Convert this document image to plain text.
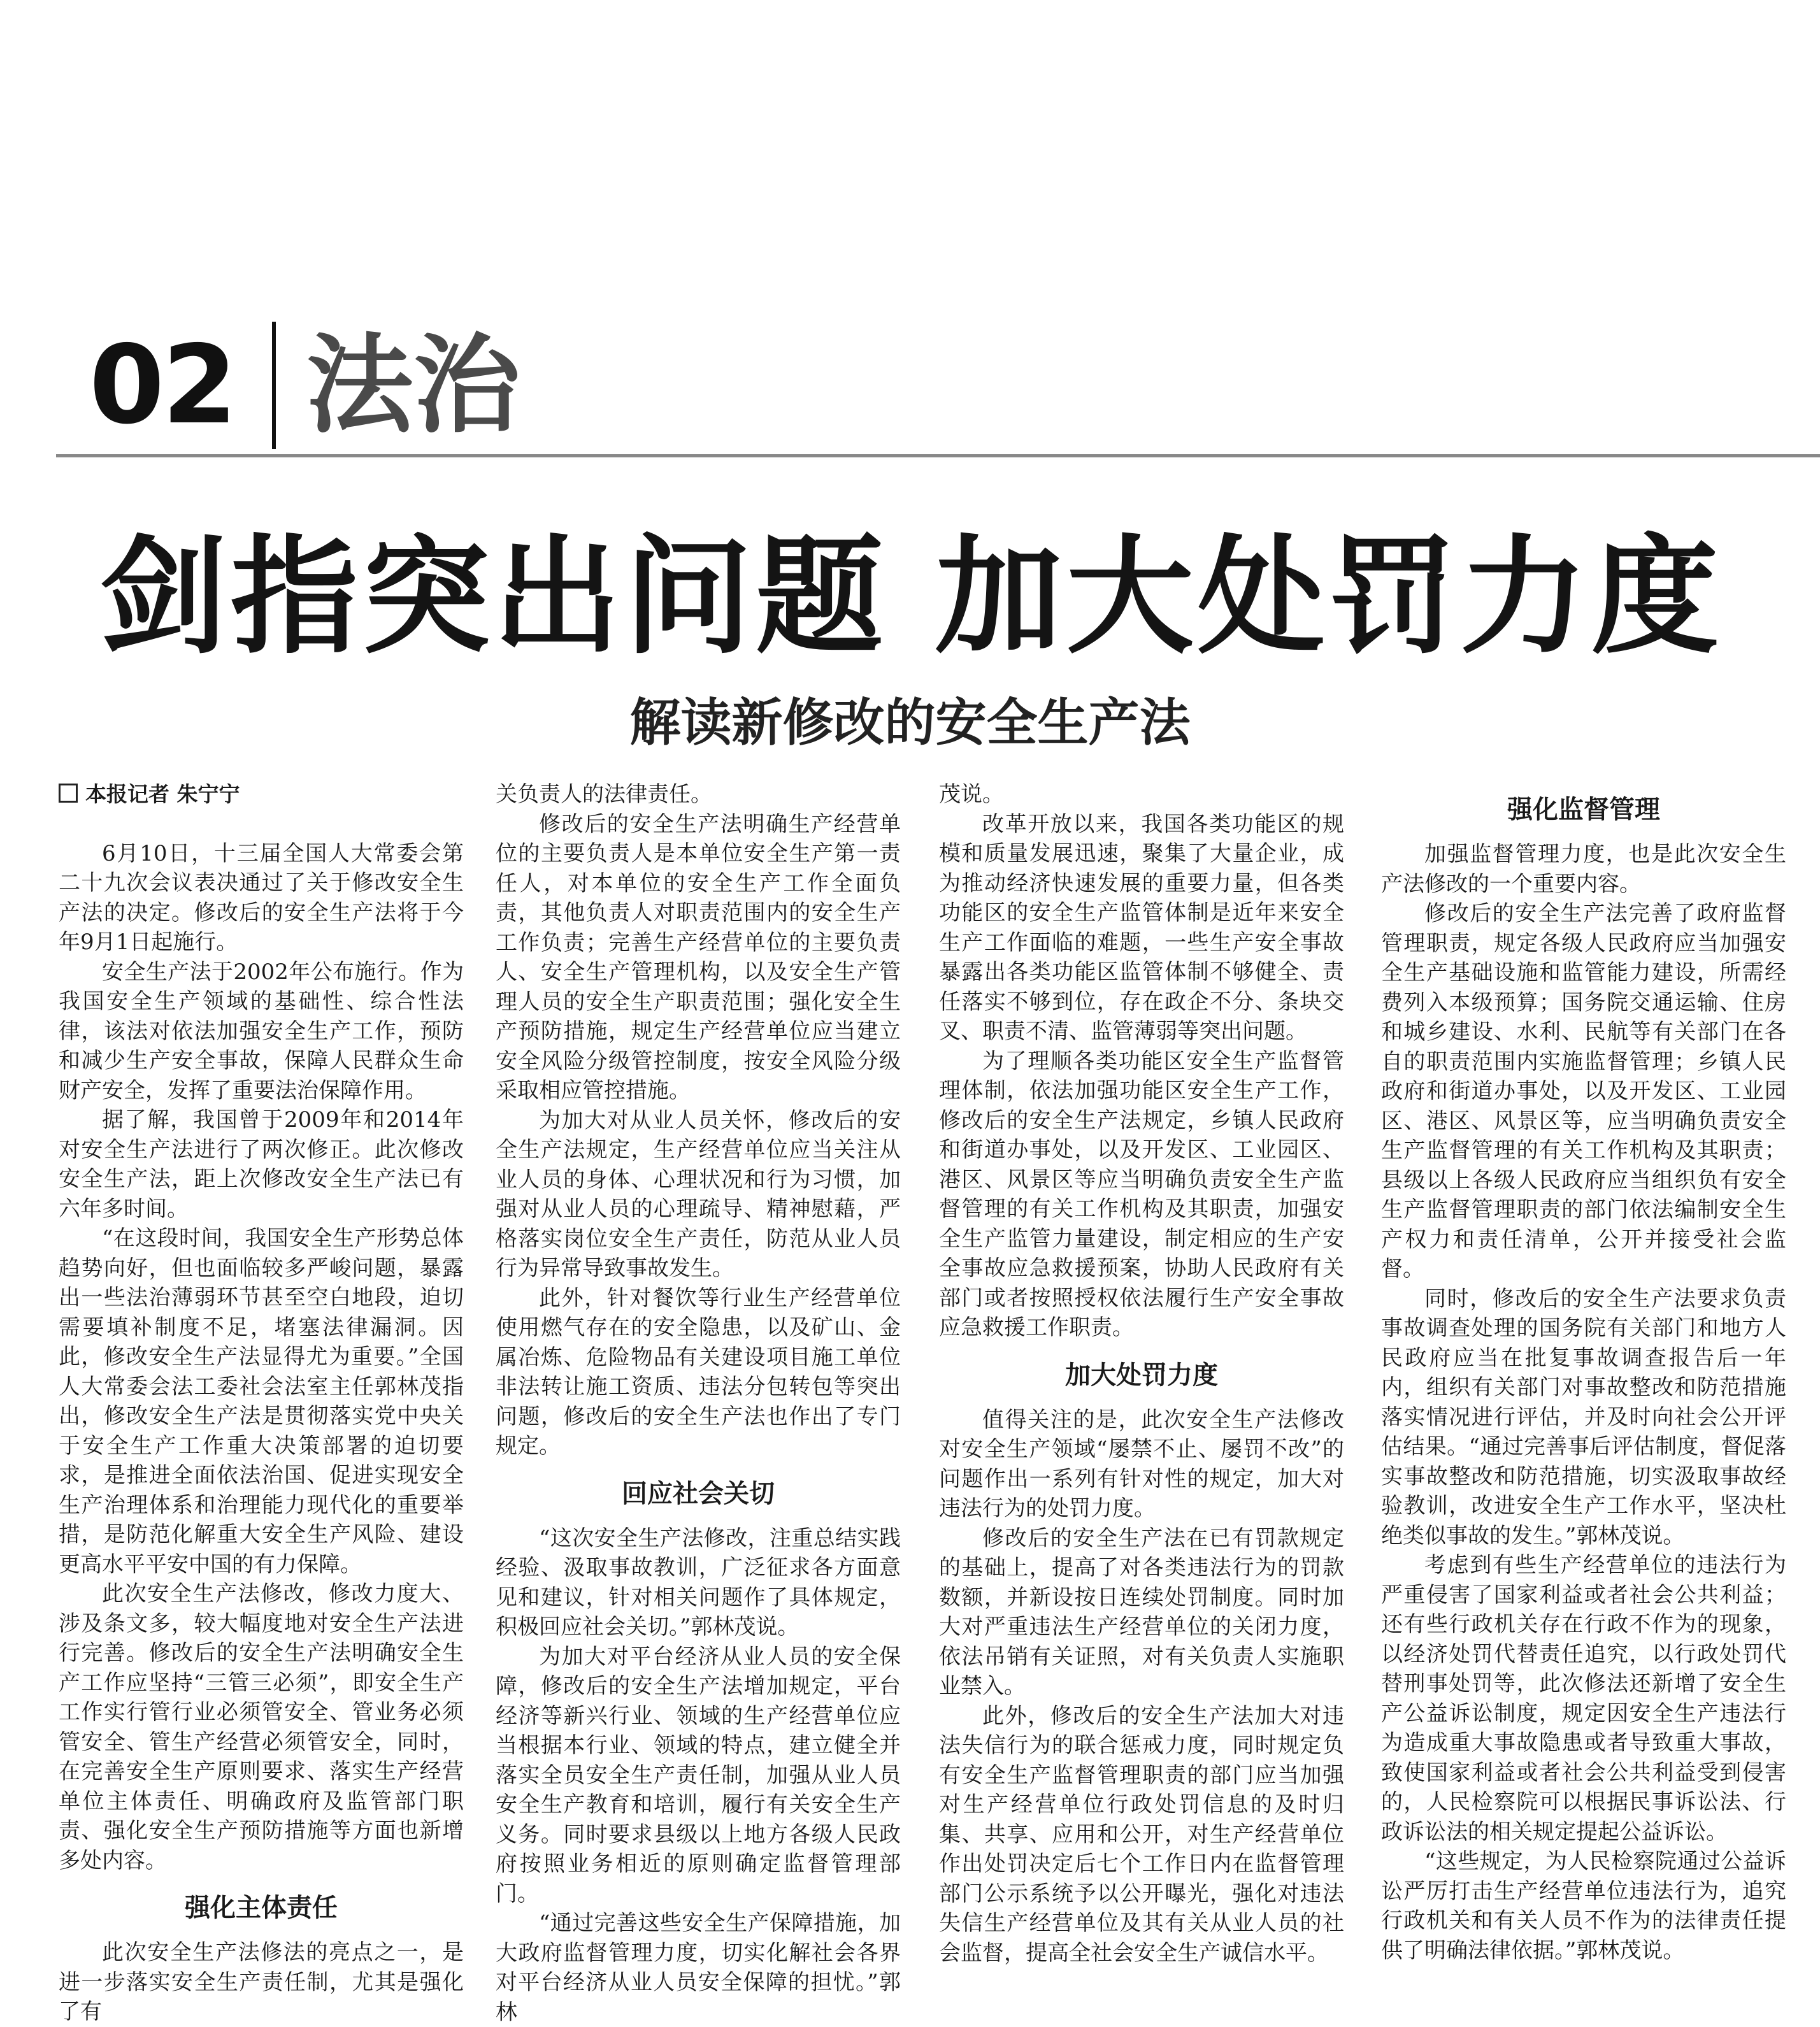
02 法治
剑指突出问题 加大处罚力度
解读新修改的安全生产法

本报记者 朱宁宁

6月10日，十三届全国人大常委会第二十九次会议表决通过了关于修改安全生产法的决定。修改后的安全生产法将于今年9月1日起施行。

安全生产法于2002年公布施行。作为我国安全生产领域的基础性、综合性法律，该法对依法加强安全生产工作，预防和减少生产安全事故，保障人民群众生命财产安全，发挥了重要法治保障作用。

据了解，我国曾于2009年和2014年对安全生产法进行了两次修正。此次修改安全生产法，距上次修改安全生产法已有六年多时间。

“在这段时间，我国安全生产形势总体趋势向好，但也面临较多严峻问题，暴露出一些法治薄弱环节甚至空白地段，迫切需要填补制度不足，堵塞法律漏洞。因此，修改安全生产法显得尤为重要。”全国人大常委会法工委社会法室主任郭林茂指出，修改安全生产法是贯彻落实党中央关于安全生产工作重大决策部署的迫切要求，是推进全面依法治国、促进实现安全生产治理体系和治理能力现代化的重要举措，是防范化解重大安全生产风险、建设更高水平平安中国的有力保障。

此次安全生产法修改，修改力度大、涉及条文多，较大幅度地对安全生产法进行完善。修改后的安全生产法明确安全生产工作应坚持“三管三必须”，即安全生产工作实行管行业必须管安全、管业务必须管安全、管生产经营必须管安全，同时，在完善安全生产原则要求、落实生产经营单位主体责任、明确政府及监管部门职责、强化安全生产预防措施等方面也新增多处内容。

强化主体责任

此次安全生产法修法的亮点之一，是进一步落实安全生产责任制，尤其是强化了有

关负责人的法律责任。

修改后的安全生产法明确生产经营单位的主要负责人是本单位安全生产第一责任人，对本单位的安全生产工作全面负责，其他负责人对职责范围内的安全生产工作负责；完善生产经营单位的主要负责人、安全生产管理机构，以及安全生产管理人员的安全生产职责范围；强化安全生产预防措施，规定生产经营单位应当建立安全风险分级管控制度，按安全风险分级采取相应管控措施。

为加大对从业人员关怀，修改后的安全生产法规定，生产经营单位应当关注从业人员的身体、心理状况和行为习惯，加强对从业人员的心理疏导、精神慰藉，严格落实岗位安全生产责任，防范从业人员行为异常导致事故发生。

此外，针对餐饮等行业生产经营单位使用燃气存在的安全隐患，以及矿山、金属冶炼、危险物品有关建设项目施工单位非法转让施工资质、违法分包转包等突出问题，修改后的安全生产法也作出了专门规定。

回应社会关切

“这次安全生产法修改，注重总结实践经验、汲取事故教训，广泛征求各方面意见和建议，针对相关问题作了具体规定，积极回应社会关切。”郭林茂说。

为加大对平台经济从业人员的安全保障，修改后的安全生产法增加规定，平台经济等新兴行业、领域的生产经营单位应当根据本行业、领域的特点，建立健全并落实全员安全生产责任制，加强从业人员安全生产教育和培训，履行有关安全生产义务。同时要求县级以上地方各级人民政府按照业务相近的原则确定监督管理部门。

“通过完善这些安全生产保障措施，加大政府监督管理力度，切实化解社会各界对平台经济从业人员安全保障的担忧。”郭林

茂说。

改革开放以来，我国各类功能区的规模和质量发展迅速，聚集了大量企业，成为推动经济快速发展的重要力量，但各类功能区的安全生产监管体制是近年来安全生产工作面临的难题，一些生产安全事故暴露出各类功能区监管体制不够健全、责任落实不够到位，存在政企不分、条块交叉、职责不清、监管薄弱等突出问题。

为了理顺各类功能区安全生产监督管理体制，依法加强功能区安全生产工作，修改后的安全生产法规定，乡镇人民政府和街道办事处，以及开发区、工业园区、港区、风景区等应当明确负责安全生产监督管理的有关工作机构及其职责，加强安全生产监管力量建设，制定相应的生产安全事故应急救援预案，协助人民政府有关部门或者按照授权依法履行生产安全事故应急救援工作职责。

加大处罚力度

值得关注的是，此次安全生产法修改对安全生产领域“屡禁不止、屡罚不改”的问题作出一系列有针对性的规定，加大对违法行为的处罚力度。

修改后的安全生产法在已有罚款规定的基础上，提高了对各类违法行为的罚款数额，并新设按日连续处罚制度。同时加大对严重违法生产经营单位的关闭力度，依法吊销有关证照，对有关负责人实施职业禁入。

此外，修改后的安全生产法加大对违法失信行为的联合惩戒力度，同时规定负有安全生产监督管理职责的部门应当加强对生产经营单位行政处罚信息的及时归集、共享、应用和公开，对生产经营单位作出处罚决定后七个工作日内在监督管理部门公示系统予以公开曝光，强化对违法失信生产经营单位及其有关从业人员的社会监督，提高全社会安全生产诚信水平。

强化监督管理

加强监督管理力度，也是此次安全生产法修改的一个重要内容。

修改后的安全生产法完善了政府监督管理职责，规定各级人民政府应当加强安全生产基础设施和监管能力建设，所需经费列入本级预算；国务院交通运输、住房和城乡建设、水利、民航等有关部门在各自的职责范围内实施监督管理；乡镇人民政府和街道办事处，以及开发区、工业园区、港区、风景区等，应当明确负责安全生产监督管理的有关工作机构及其职责；县级以上各级人民政府应当组织负有安全生产监督管理职责的部门依法编制安全生产权力和责任清单，公开并接受社会监督。

同时，修改后的安全生产法要求负责事故调查处理的国务院有关部门和地方人民政府应当在批复事故调查报告后一年内，组织有关部门对事故整改和防范措施落实情况进行评估，并及时向社会公开评估结果。“通过完善事后评估制度，督促落实事故整改和防范措施，切实汲取事故经验教训，改进安全生产工作水平，坚决杜绝类似事故的发生。”郭林茂说。

考虑到有些生产经营单位的违法行为严重侵害了国家利益或者社会公共利益；还有些行政机关存在行政不作为的现象，以经济处罚代替责任追究，以行政处罚代替刑事处罚等，此次修法还新增了安全生产公益诉讼制度，规定因安全生产违法行为造成重大事故隐患或者导致重大事故，致使国家利益或者社会公共利益受到侵害的，人民检察院可以根据民事诉讼法、行政诉讼法的相关规定提起公益诉讼。

“这些规定，为人民检察院通过公益诉讼严厉打击生产经营单位违法行为，追究行政机关和有关人员不作为的法律责任提供了明确法律依据。”郭林茂说。
